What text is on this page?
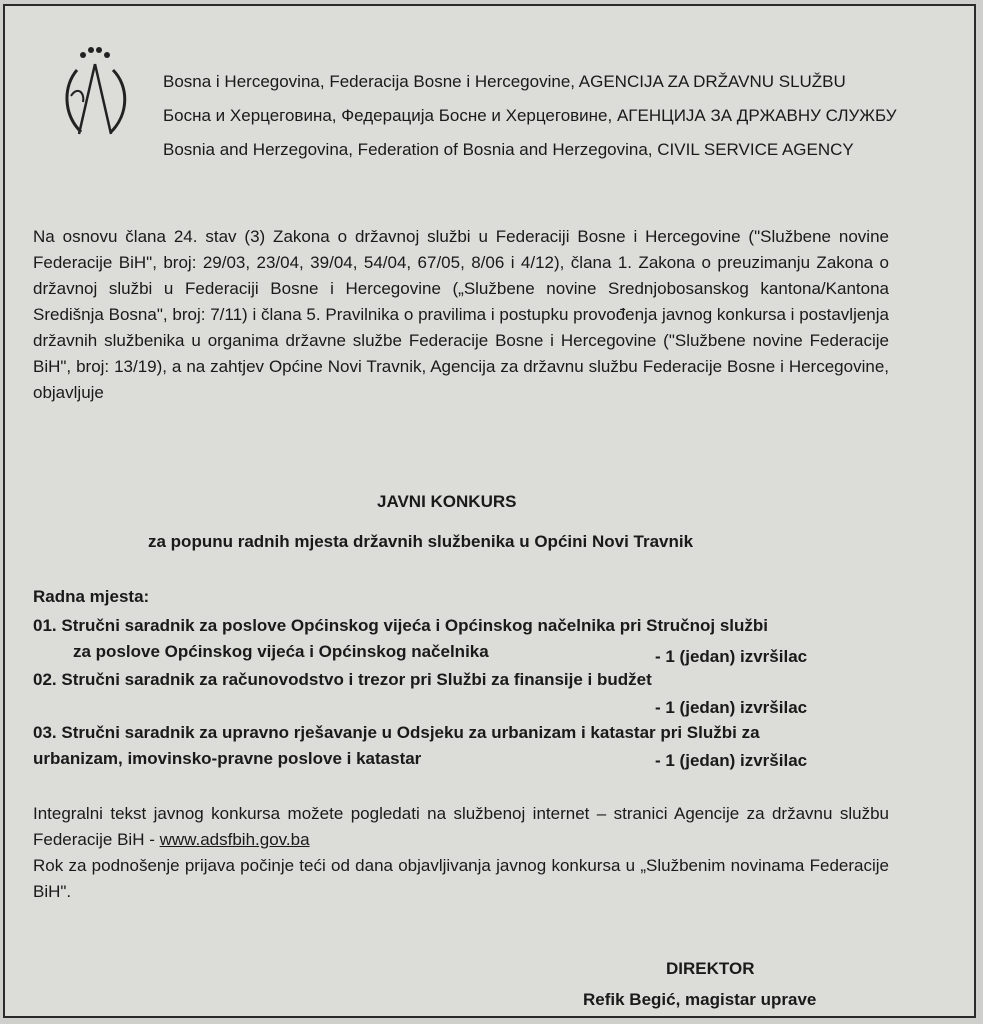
Bosna i Hercegovina, Federacija Bosne i Hercegovine, AGENCIJA ZA DRŽAVNU SLUŽBU
Босна и Херцеговина, Федерација Босне и Херцеговине, АГЕНЦИЈА ЗА ДРЖАВНУ СЛУЖБУ
Bosnia and Herzegovina, Federation of Bosnia and Herzegovina, CIVIL SERVICE AGENCY

Na osnovu člana 24. stav (3) Zakona o državnoj službi u Federaciji Bosne i Hercegovine ("Službene novine Federacije BiH", broj: 29/03, 23/04, 39/04, 54/04, 67/05, 8/06 i 4/12), člana 1. Zakona o preuzimanju Zakona o državnoj službi u Federaciji Bosne i Hercegovine („Službene novine Srednjobosanskog kantona/Kantona Središnja Bosna", broj: 7/11) i člana 5. Pravilnika o pravilima i postupku provođenja javnog konkursa i postavljenja državnih službenika u organima državne službe Federacije Bosne i Hercegovine ("Službene novine Federacije BiH", broj: 13/19), a na zahtjev Općine Novi Travnik, Agencija za državnu službu Federacije Bosne i Hercegovine, objavljuje

JAVNI KONKURS
za popunu radnih mjesta državnih službenika u Općini Novi Travnik
Radna mjesta:
01. Stručni saradnik za poslove Općinskog vijeća i Općinskog načelnika pri Stručnoj službi
za poslove Općinskog vijeća i Općinskog načelnika	- 1 (jedan) izvršilac
02. Stručni saradnik za računovodstvo i trezor pri Službi za finansije i budžet
- 1 (jedan) izvršilac
03. Stručni saradnik za upravno rješavanje u Odsjeku za urbanizam i katastar pri Službi za
urbanizam, imovinsko-pravne poslove i katastar	- 1 (jedan) izvršilac

Integralni tekst javnog konkursa možete pogledati na službenoj internet – stranici Agencije za državnu službu Federacije BiH - www.adsfbih.gov.ba

Rok za podnošenje prijava počinje teći od dana objavljivanja javnog konkursa u „Službenim novinama Federacije BiH".

DIREKTOR
Refik Begić, magistar uprave
